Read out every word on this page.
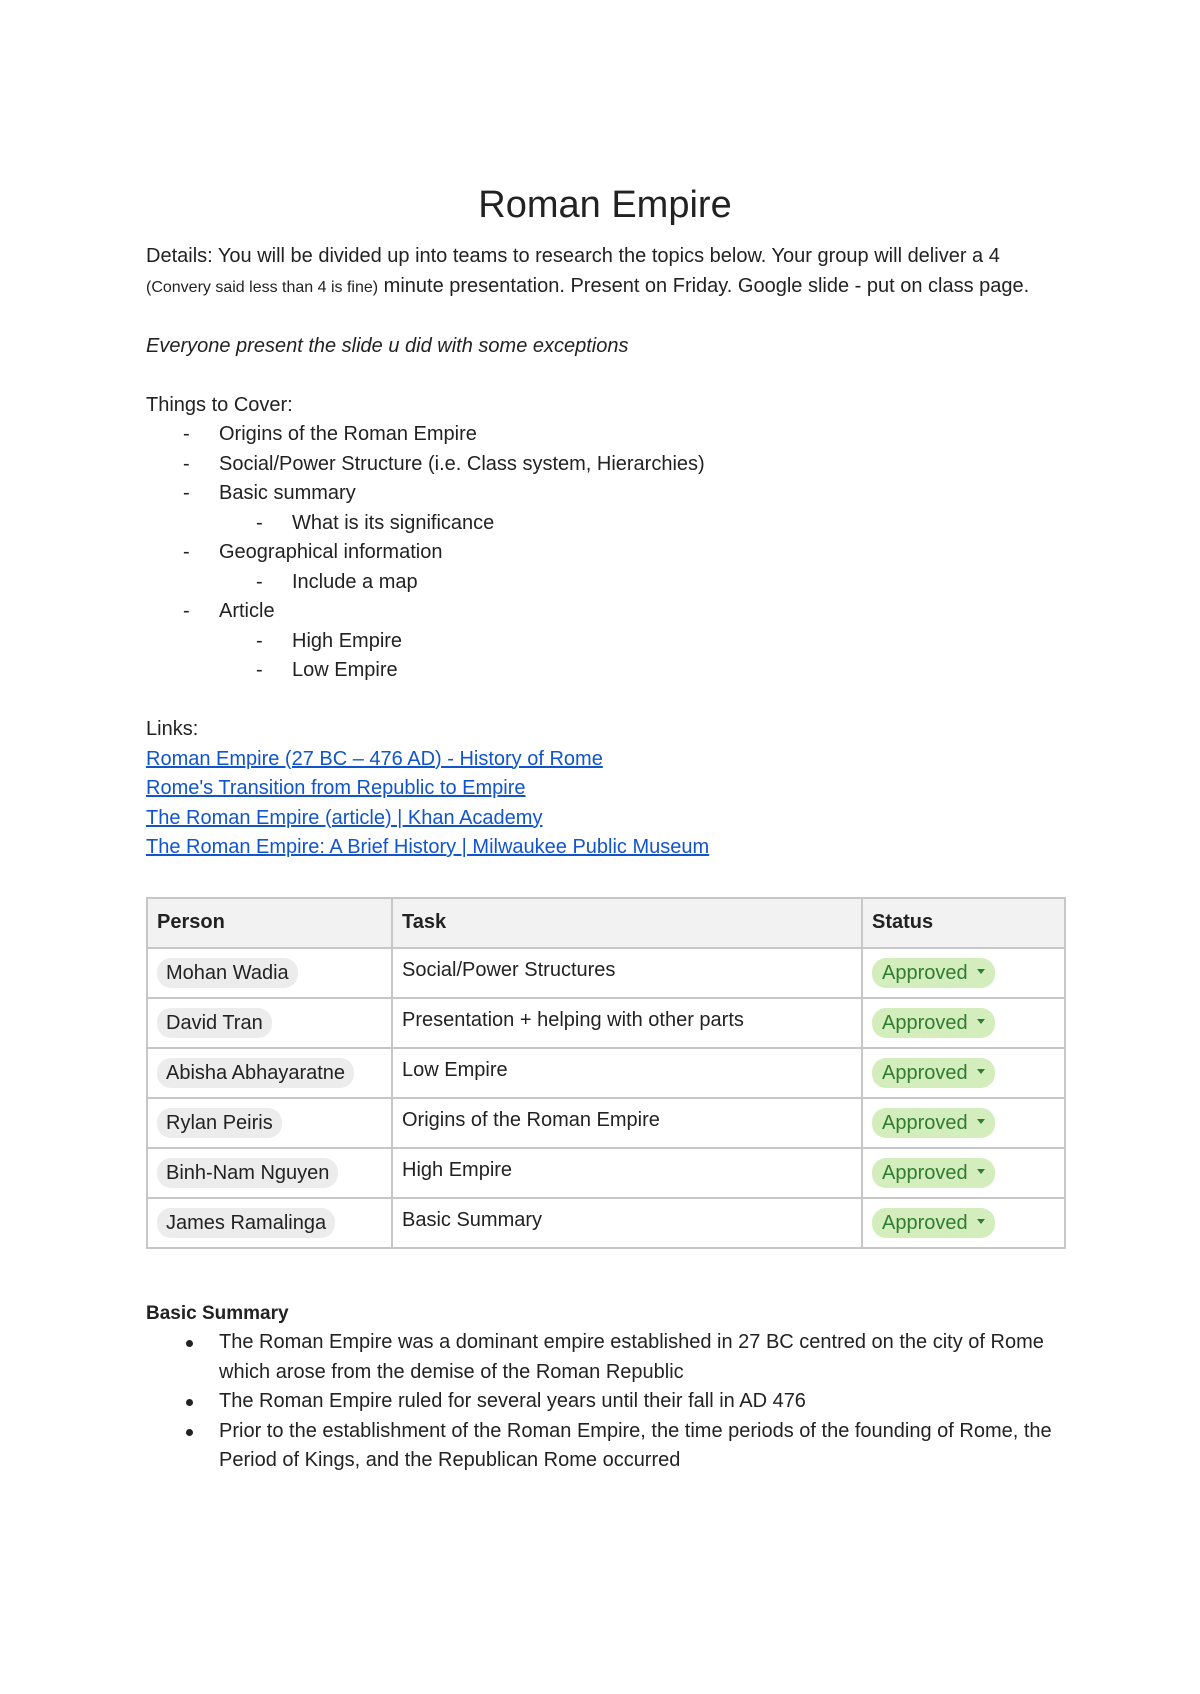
Roman Empire

Details: You will be divided up into teams to research the topics below. Your group will deliver a 4 (Convery said less than 4 is fine) minute presentation. Present on Friday. Google slide - put on class page.

Everyone present the slide u did with some exceptions

Things to Cover:

- Origins of the Roman Empire
- Social/Power Structure (i.e. Class system, Hierarchies)
- Basic summary
- What is its significance
- Geographical information
- Include a map
- Article
- High Empire
- Low Empire

Links:

Roman Empire (27 BC – 476 AD) - History of Rome
Rome's Transition from Republic to Empire
The Roman Empire (article) | Khan Academy
The Roman Empire: A Brief History | Milwaukee Public Museum
Person	Task	Status
Mohan Wadia	Social/Power Structures	Approved
David Tran	Presentation + helping with other parts	Approved
Abisha Abhayaratne	Low Empire	Approved
Rylan Peiris	Origins of the Roman Empire	Approved
Binh-Nam Nguyen	High Empire	Approved
James Ramalinga	Basic Summary	Approved
Basic Summary
The Roman Empire was a dominant empire established in 27 BC centred on the city of Rome which arose from the demise of the Roman Republic
The Roman Empire ruled for several years until their fall in AD 476
Prior to the establishment of the Roman Empire, the time periods of the founding of Rome, the Period of Kings, and the Republican Rome occurred
